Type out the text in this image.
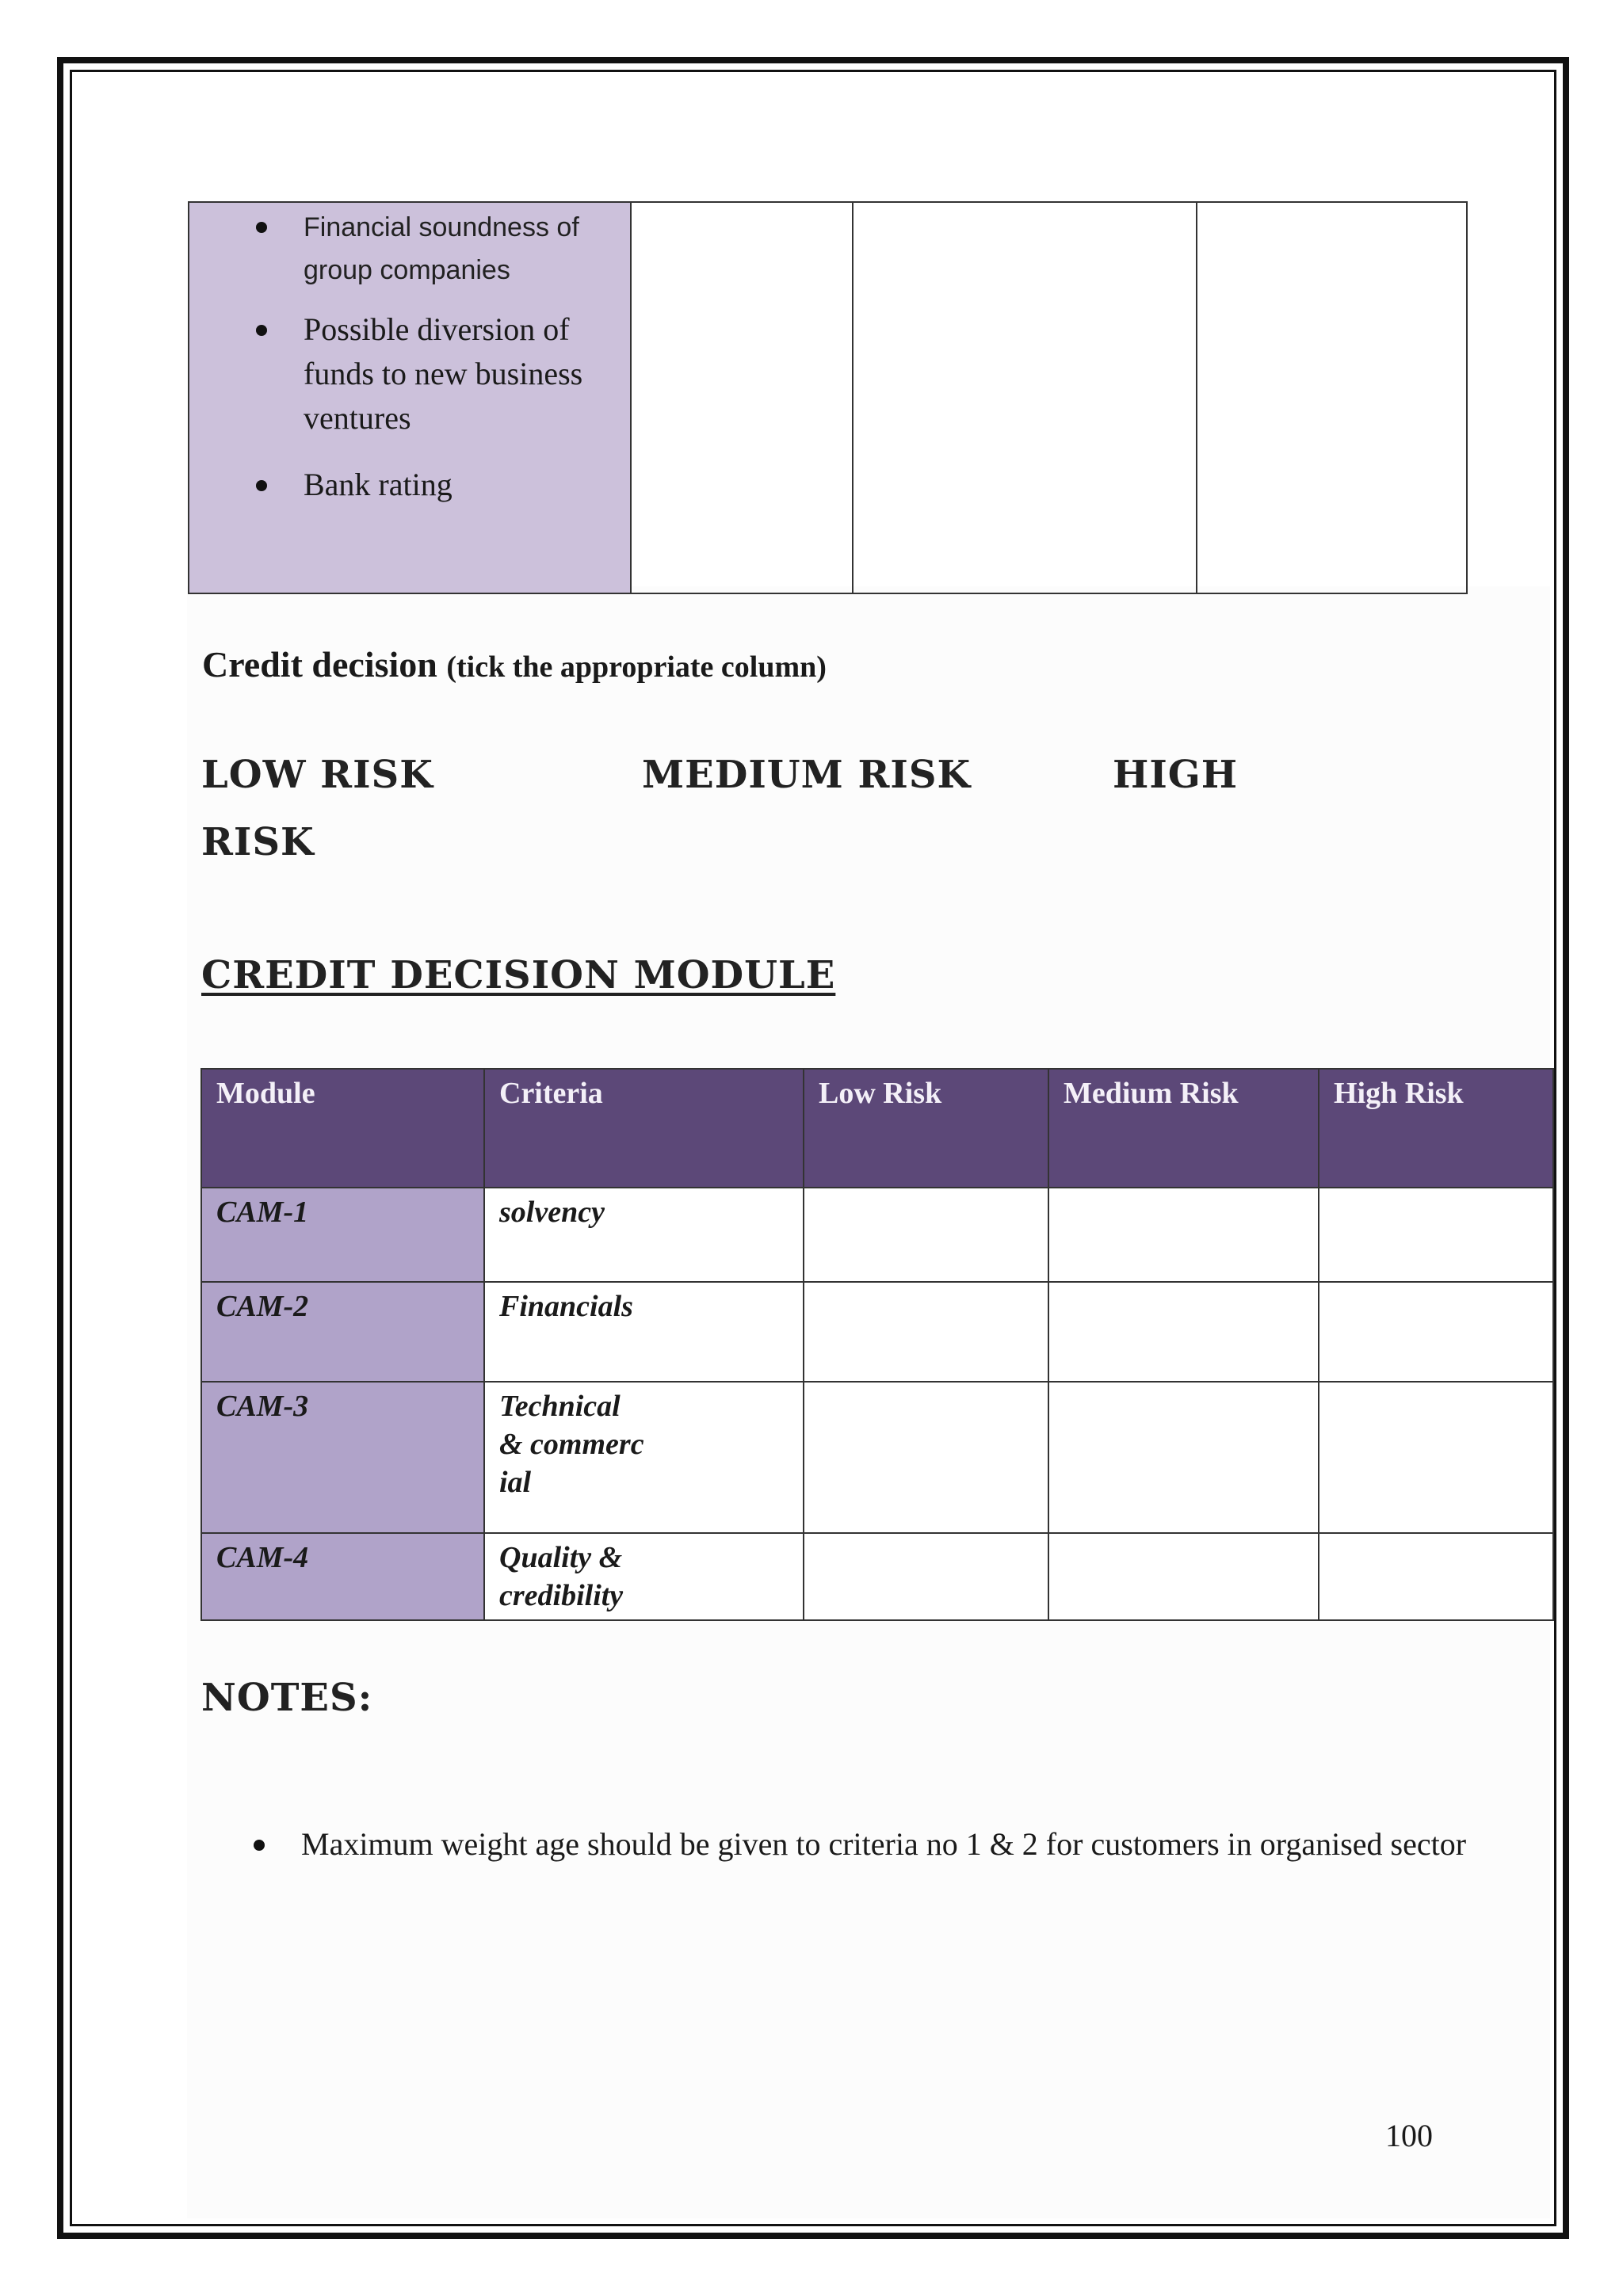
Financial soundness of group companies
Possible diversion of funds to new business ventures
Bank rating

Credit decision (tick the appropriate column)
LOW RISK	MEDIUM RISK	HIGH
RISK
CREDIT DECISION MODULE
Module	Criteria	Low Risk	Medium Risk	High Risk
CAM-1	solvency			
CAM-2	Financials			
CAM-3	Technical & commercial			

CAM-4	Quality & credibility			

NOTES:
Maximum weight age should be given to criteria no 1 & 2 for customers in organised sector
100
